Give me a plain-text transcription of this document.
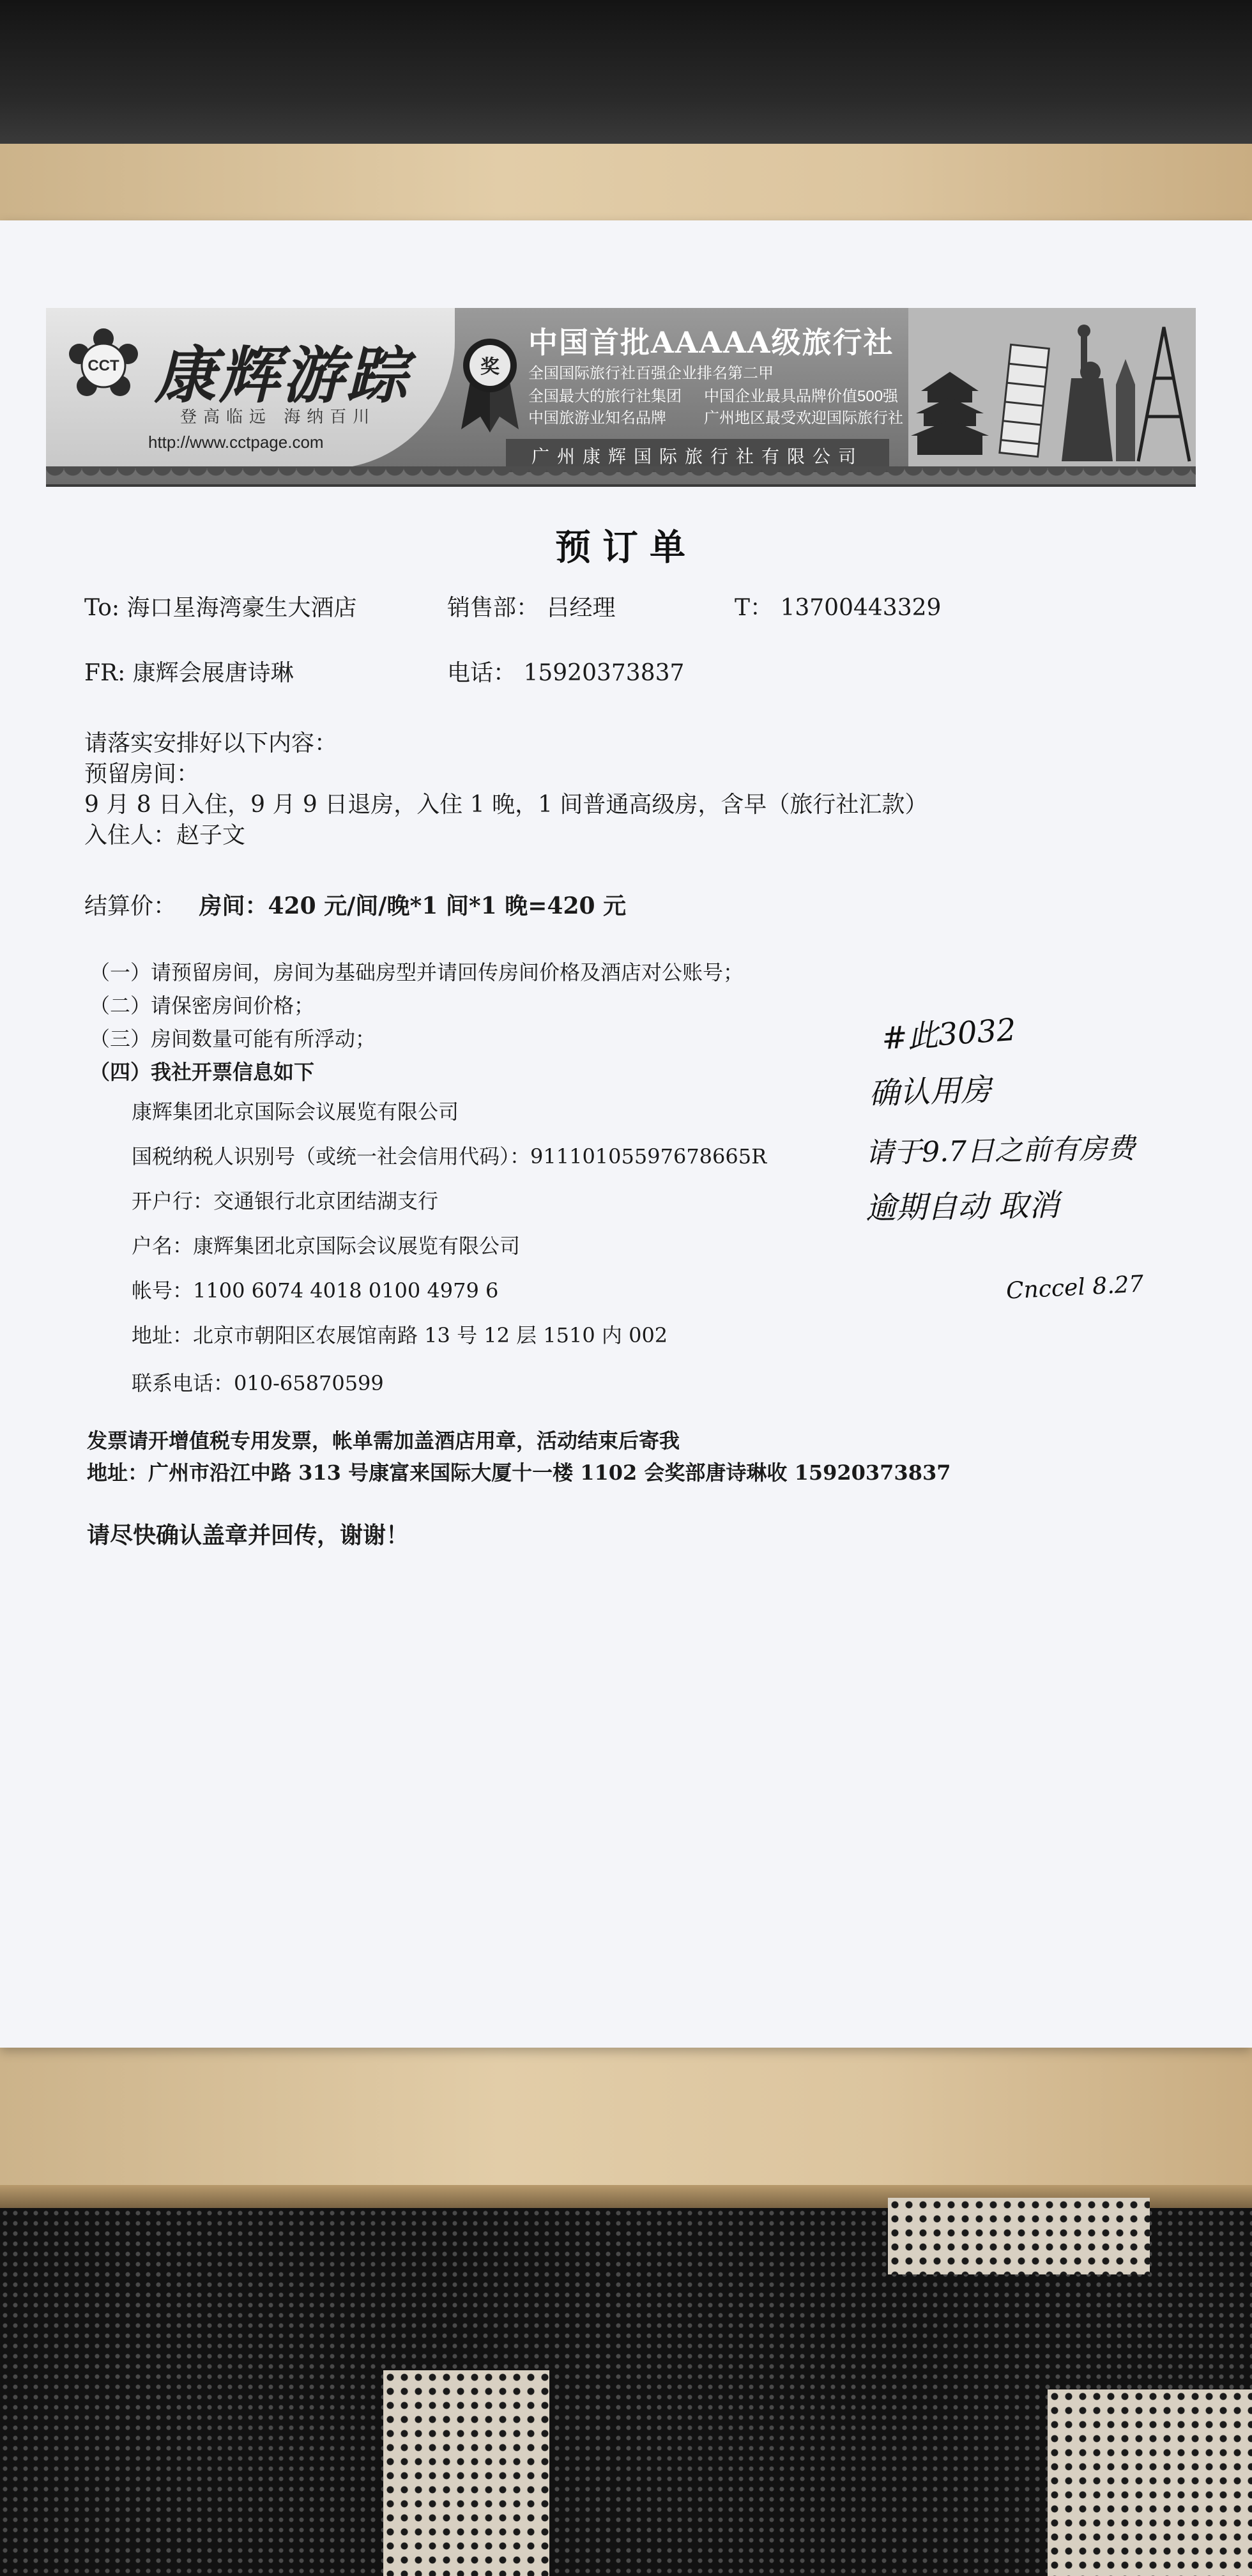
CCT 康辉游踪
登高临远 海纳百川
http://www.cctpage.com
奖
中国首批AAAAA级旅行社
全国国际旅行社百强企业排名第二甲
全国最大的旅行社集团 中国企业最具品牌价值500强
中国旅游业知名品牌 广州地区最受欢迎国际旅行社
广州康辉国际旅行社有限公司
预订单
To: 海口星海湾豪生大酒店	销售部： 吕经理	T： 13700443329
FR: 康辉会展唐诗琳	电话： 15920373837
请落实安排好以下内容：
预留房间：
9 月 8 日入住，9 月 9 日退房，入住 1 晚，1 间普通高级房，含早（旅行社汇款）
入住人：赵子文
结算价： 房间：420 元/间/晚*1 间*1 晚=420 元
（一）请预留房间，房间为基础房型并请回传房间价格及酒店对公账号；
（二）请保密房间价格；
（三）房间数量可能有所浮动；
（四）我社开票信息如下
康辉集团北京国际会议展览有限公司
国税纳税人识别号（或统一社会信用代码）：91110105597678665R
开户行：交通银行北京团结湖支行
户名：康辉集团北京国际会议展览有限公司
帐号：1100 6074 4018 0100 4979 6
地址：北京市朝阳区农展馆南路 13 号 12 层 1510 内 002
联系电话：010-65870599
发票请开增值税专用发票，帐单需加盖酒店用章，活动结束后寄我
地址：广州市沿江中路 313 号康富来国际大厦十一楼 1102 会奖部唐诗琳收 15920373837
请尽快确认盖章并回传，谢谢！
#此3032
确认用房
请于9.7日之前有房费
逾期自动 取消
Cnccel 8.27
